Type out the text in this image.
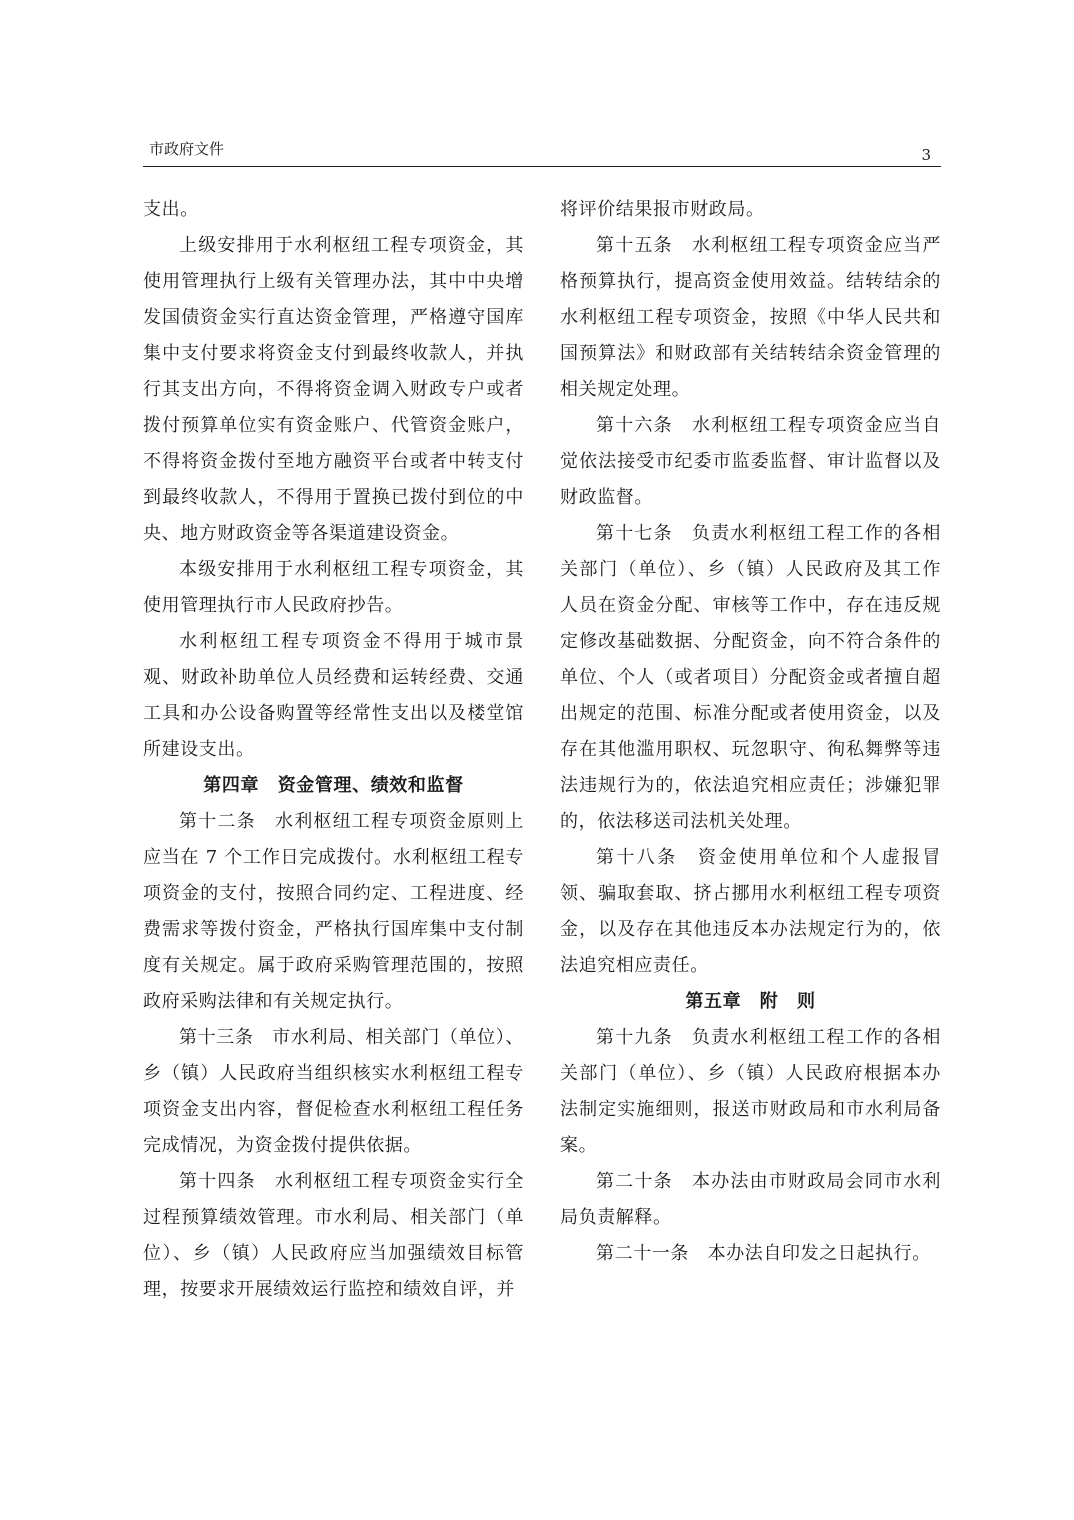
市政府文件	3

支出。

上级安排用于水利枢纽工程专项资金，其使用管理执行上级有关管理办法，其中中央增发国债资金实行直达资金管理，严格遵守国库集中支付要求将资金支付到最终收款人，并执行其支出方向，不得将资金调入财政专户或者拨付预算单位实有资金账户、代管资金账户，不得将资金拨付至地方融资平台或者中转支付到最终收款人，不得用于置换已拨付到位的中央、地方财政资金等各渠道建设资金。

本级安排用于水利枢纽工程专项资金，其使用管理执行市人民政府抄告。

水利枢纽工程专项资金不得用于城市景观、财政补助单位人员经费和运转经费、交通工具和办公设备购置等经常性支出以及楼堂馆所建设支出。

第四章　资金管理、绩效和监督

第十二条　水利枢纽工程专项资金原则上应当在 7 个工作日完成拨付。水利枢纽工程专项资金的支付，按照合同约定、工程进度、经费需求等拨付资金，严格执行国库集中支付制度有关规定。属于政府采购管理范围的，按照政府采购法律和有关规定执行。

第十三条　市水利局、相关部门（单位）、乡（镇）人民政府当组织核实水利枢纽工程专项资金支出内容，督促检查水利枢纽工程任务完成情况，为资金拨付提供依据。

第十四条　水利枢纽工程专项资金实行全过程预算绩效管理。市水利局、相关部门（单位）、乡（镇）人民政府应当加强绩效目标管理，按要求开展绩效运行监控和绩效自评，并

将评价结果报市财政局。

第十五条　水利枢纽工程专项资金应当严格预算执行，提高资金使用效益。结转结余的水利枢纽工程专项资金，按照《中华人民共和国预算法》和财政部有关结转结余资金管理的相关规定处理。

第十六条　水利枢纽工程专项资金应当自觉依法接受市纪委市监委监督、审计监督以及财政监督。

第十七条　负责水利枢纽工程工作的各相关部门（单位）、乡（镇）人民政府及其工作人员在资金分配、审核等工作中，存在违反规定修改基础数据、分配资金，向不符合条件的单位、个人（或者项目）分配资金或者擅自超出规定的范围、标准分配或者使用资金，以及存在其他滥用职权、玩忽职守、徇私舞弊等违法违规行为的，依法追究相应责任；涉嫌犯罪的，依法移送司法机关处理。

第十八条　资金使用单位和个人虚报冒领、骗取套取、挤占挪用水利枢纽工程专项资金，以及存在其他违反本办法规定行为的，依法追究相应责任。

第五章　附　则

第十九条　负责水利枢纽工程工作的各相关部门（单位）、乡（镇）人民政府根据本办法制定实施细则，报送市财政局和市水利局备案。

第二十条　本办法由市财政局会同市水利局负责解释。

第二十一条　本办法自印发之日起执行。
